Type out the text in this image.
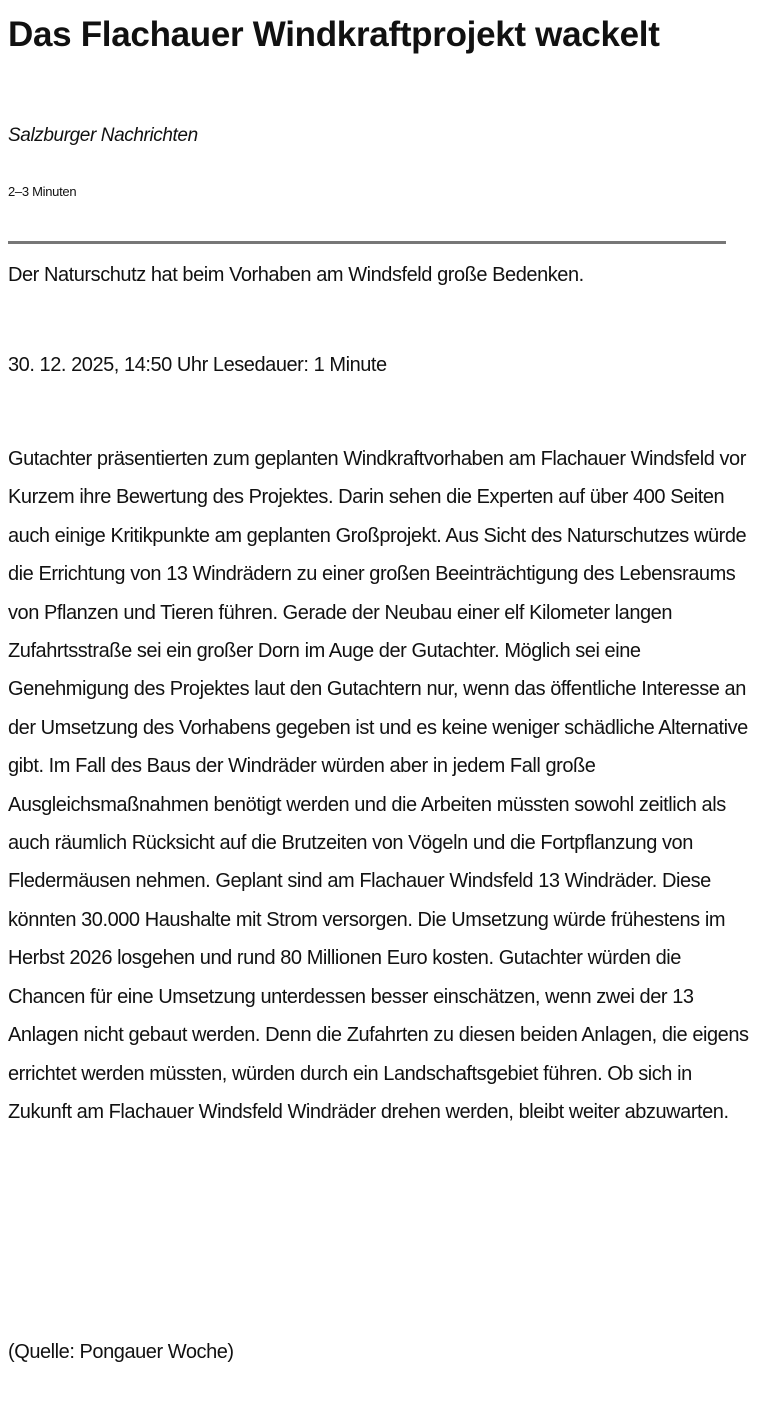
Das Flachauer Windkraftprojekt wackelt

Salzburger Nachrichten

2–3 Minuten

Der Naturschutz hat beim Vorhaben am Windsfeld große Bedenken.

30. 12. 2025, 14:50 Uhr Lesedauer: 1 Minute

Gutachter präsentierten zum geplanten Windkraftvorhaben am Flachauer Windsfeld vor Kurzem ihre Bewertung des Projektes. Darin sehen die Experten auf über 400 Seiten auch einige Kritikpunkte am geplanten Großprojekt. Aus Sicht des Naturschutzes würde die Errichtung von 13 Windrädern zu einer großen Beeinträchtigung des Lebensraums von Pflanzen und Tieren führen. Gerade der Neubau einer elf Kilometer langen Zufahrtsstraße sei ein großer Dorn im Auge der Gutachter. Möglich sei eine Genehmigung des Projektes laut den Gutachtern nur, wenn das öffentliche Interesse an der Umsetzung des Vorhabens gegeben ist und es keine weniger schädliche Alternative gibt. Im Fall des Baus der Windräder würden aber in jedem Fall große Ausgleichsmaßnahmen benötigt werden und die Arbeiten müssten sowohl zeitlich als auch räumlich Rücksicht auf die Brutzeiten von Vögeln und die Fortpflanzung von Fledermäusen nehmen. Geplant sind am Flachauer Windsfeld 13 Windräder. Diese könnten 30.000 Haushalte mit Strom versorgen. Die Umsetzung würde frühestens im Herbst 2026 losgehen und rund 80 Millionen Euro kosten. Gutachter würden die Chancen für eine Umsetzung unterdessen besser einschätzen, wenn zwei der 13 Anlagen nicht gebaut werden. Denn die Zufahrten zu diesen beiden Anlagen, die eigens errichtet werden müssten, würden durch ein Landschaftsgebiet führen. Ob sich in Zukunft am Flachauer Windsfeld Windräder drehen werden, bleibt weiter abzuwarten.

(Quelle: Pongauer Woche)
